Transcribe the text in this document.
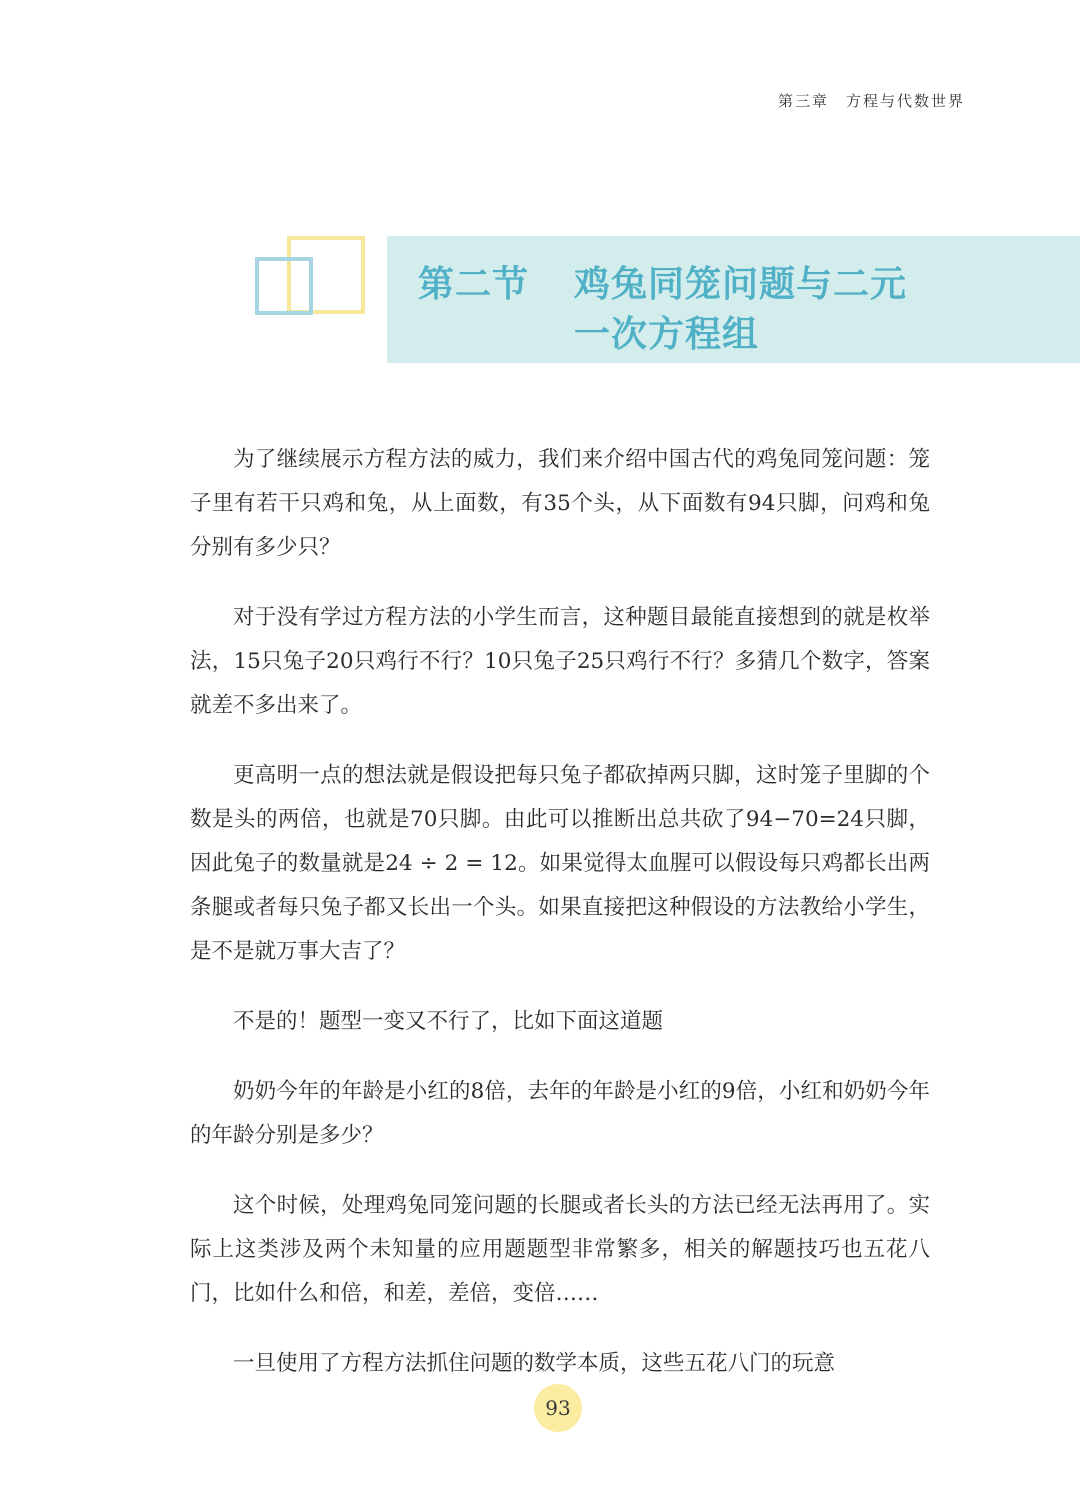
第三章　方程与代数世界
第二节 鸡兔同笼问题与二元
一次方程组

为了继续展示方程方法的威力，我们来介绍中国古代的鸡兔同笼问题：笼子里有若干只鸡和兔，从上面数，有35个头，从下面数有94只脚，问鸡和兔分别有多少只？

对于没有学过方程方法的小学生而言，这种题目最能直接想到的就是枚举法，15只兔子20只鸡行不行？10只兔子25只鸡行不行？多猜几个数字，答案就差不多出来了。

更高明一点的想法就是假设把每只兔子都砍掉两只脚，这时笼子里脚的个数是头的两倍，也就是70只脚。由此可以推断出总共砍了94−70=24只脚，因此兔子的数量就是24 ÷ 2 = 12。如果觉得太血腥可以假设每只鸡都长出两条腿或者每只兔子都又长出一个头。如果直接把这种假设的方法教给小学生，是不是就万事大吉了？

不是的！题型一变又不行了，比如下面这道题

奶奶今年的年龄是小红的8倍，去年的年龄是小红的9倍，小红和奶奶今年的年龄分别是多少？

这个时候，处理鸡兔同笼问题的长腿或者长头的方法已经无法再用了。实际上这类涉及两个未知量的应用题题型非常繁多，相关的解题技巧也五花八门，比如什么和倍，和差，差倍，变倍……

一旦使用了方程方法抓住问题的数学本质，这些五花八门的玩意

93
